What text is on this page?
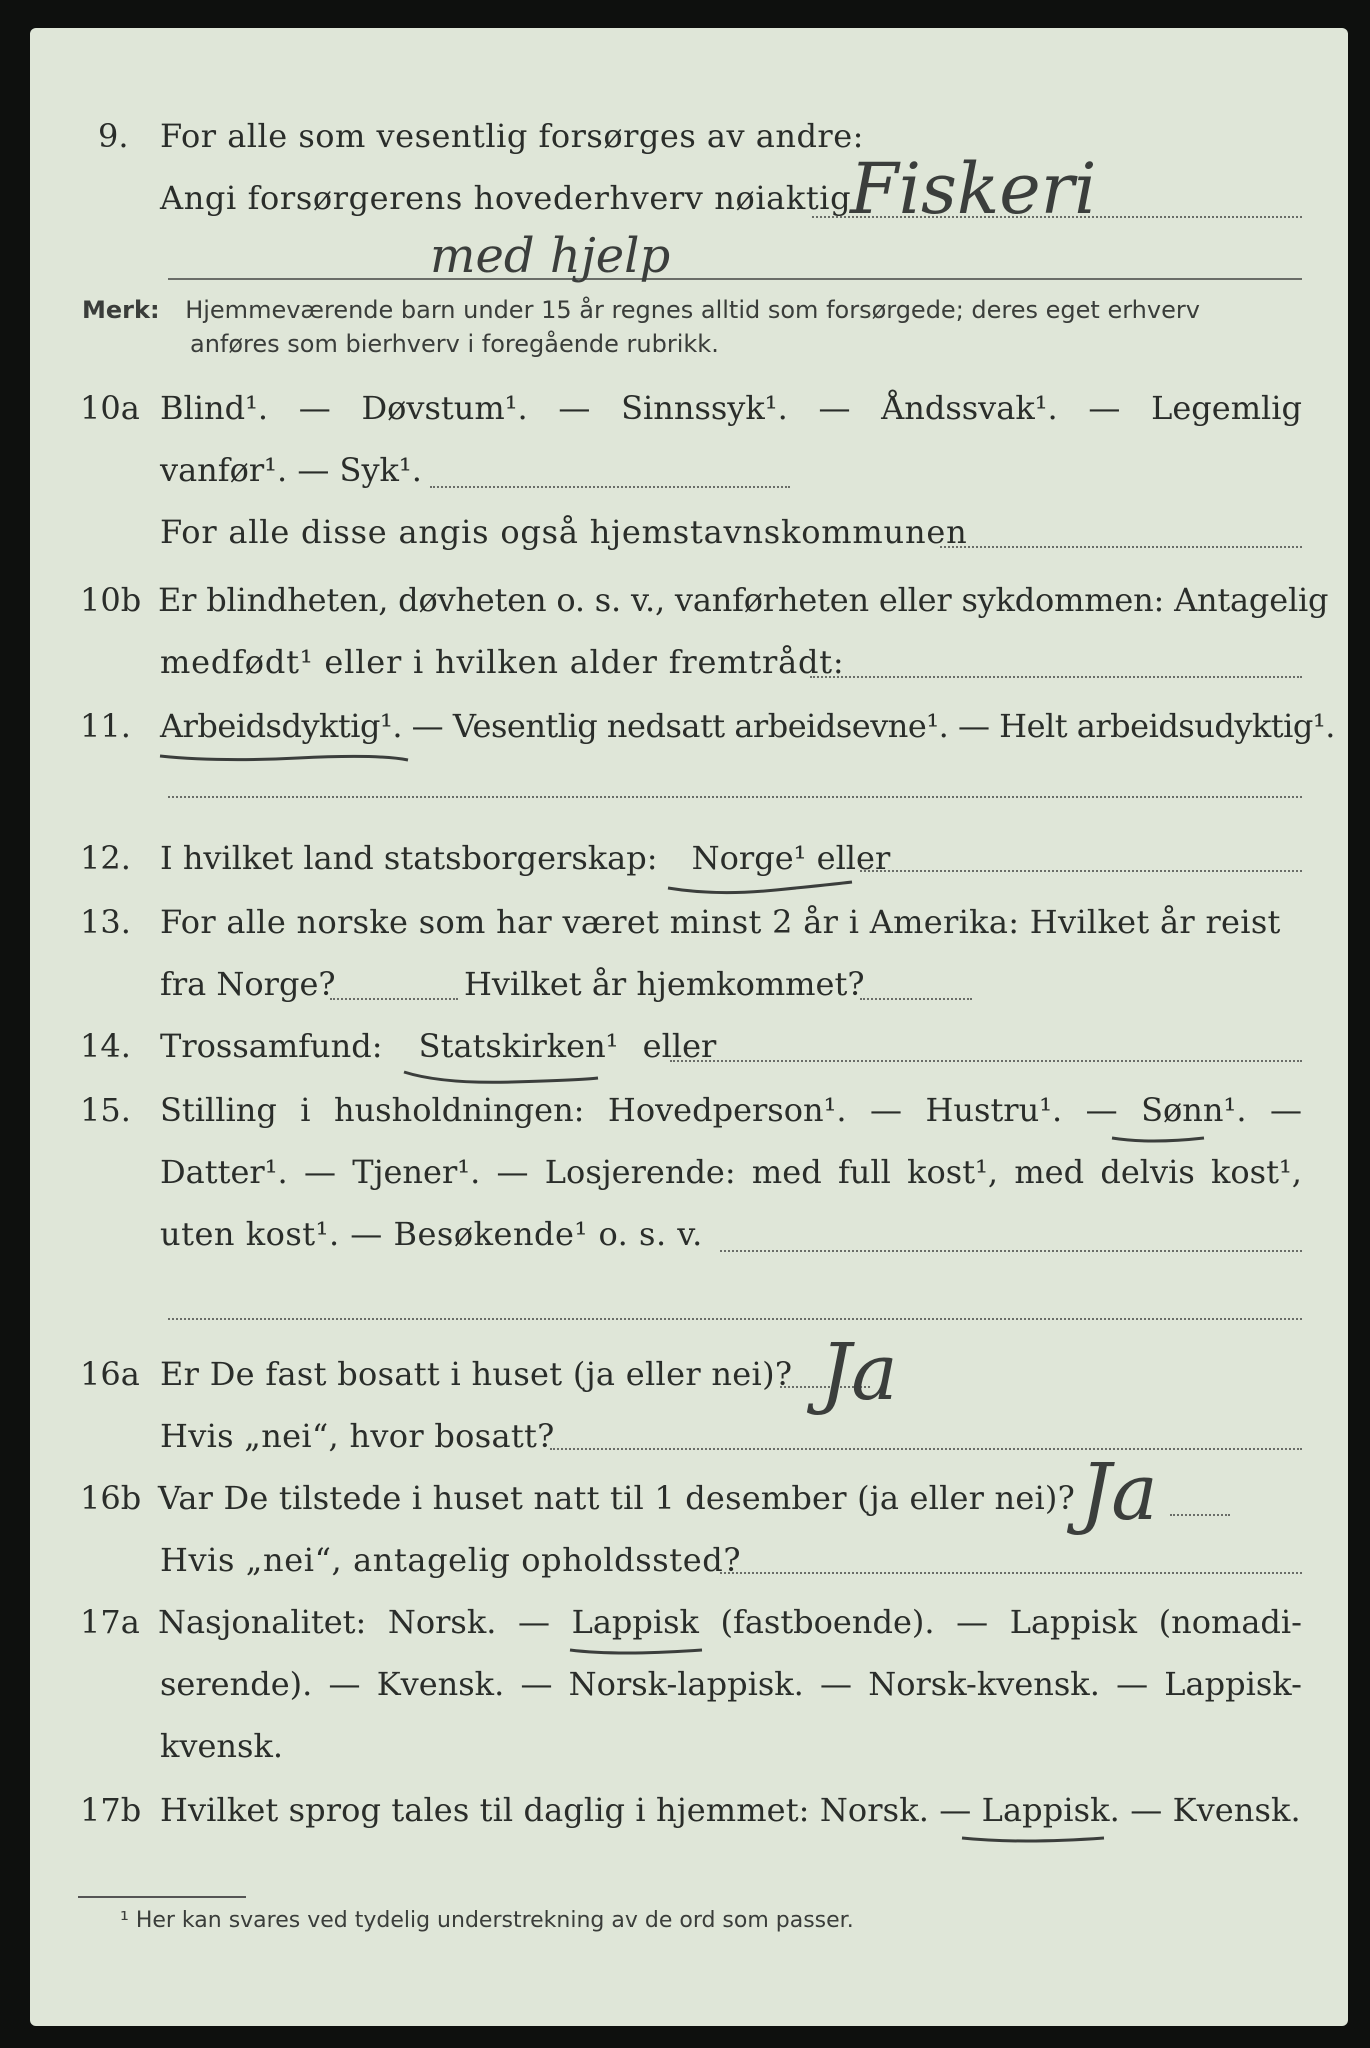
9. For alle som vesentlig forsørges av andre:
Angi forsørgerens hovederhverv nøiaktig
Fiskeri
med hjelp
Merk: Hjemmeværende barn under 15 år regnes alltid som forsørgede; deres eget erhverv
anføres som bierhverv i foregående rubrikk.
10a Blind¹. — Døvstum¹. — Sinnssyk¹. — Åndssvak¹. — Legemlig
vanfør¹. — Syk¹.
For alle disse angis også hjemstavnskommunen
10b Er blindheten, døvheten o. s. v., vanførheten eller sykdommen: Antagelig
medfødt¹ eller i hvilken alder fremtrådt:
11. Arbeidsdyktig¹. — Vesentlig nedsatt arbeidsevne¹. — Helt arbeidsudyktig¹.
12. I hvilket land statsborgerskap: Norge¹ eller
13. For alle norske som har været minst 2 år i Amerika: Hvilket år reist
fra Norge?	Hvilket år hjemkommet?
14. Trossamfund: Statskirken¹ eller
15. Stilling i husholdningen: Hovedperson¹. — Hustru¹. — Sønn¹. —
Datter¹. — Tjener¹. — Losjerende: med full kost¹, med delvis kost¹,
uten kost¹. — Besøkende¹ o. s. v.
16a Er De fast bosatt i huset (ja eller nei)? Ja
Hvis „nei“, hvor bosatt?
16b Var De tilstede i huset natt til 1 desember (ja eller nei)? Ja
Hvis „nei“, antagelig opholdssted?
17a Nasjonalitet: Norsk. — Lappisk (fastboende). — Lappisk (nomadi-
serende). — Kvensk. — Norsk-lappisk. — Norsk-kvensk. — Lappisk-
kvensk.
17b Hvilket sprog tales til daglig i hjemmet: Norsk. — Lappisk. — Kvensk.
¹ Her kan svares ved tydelig understrekning av de ord som passer.
